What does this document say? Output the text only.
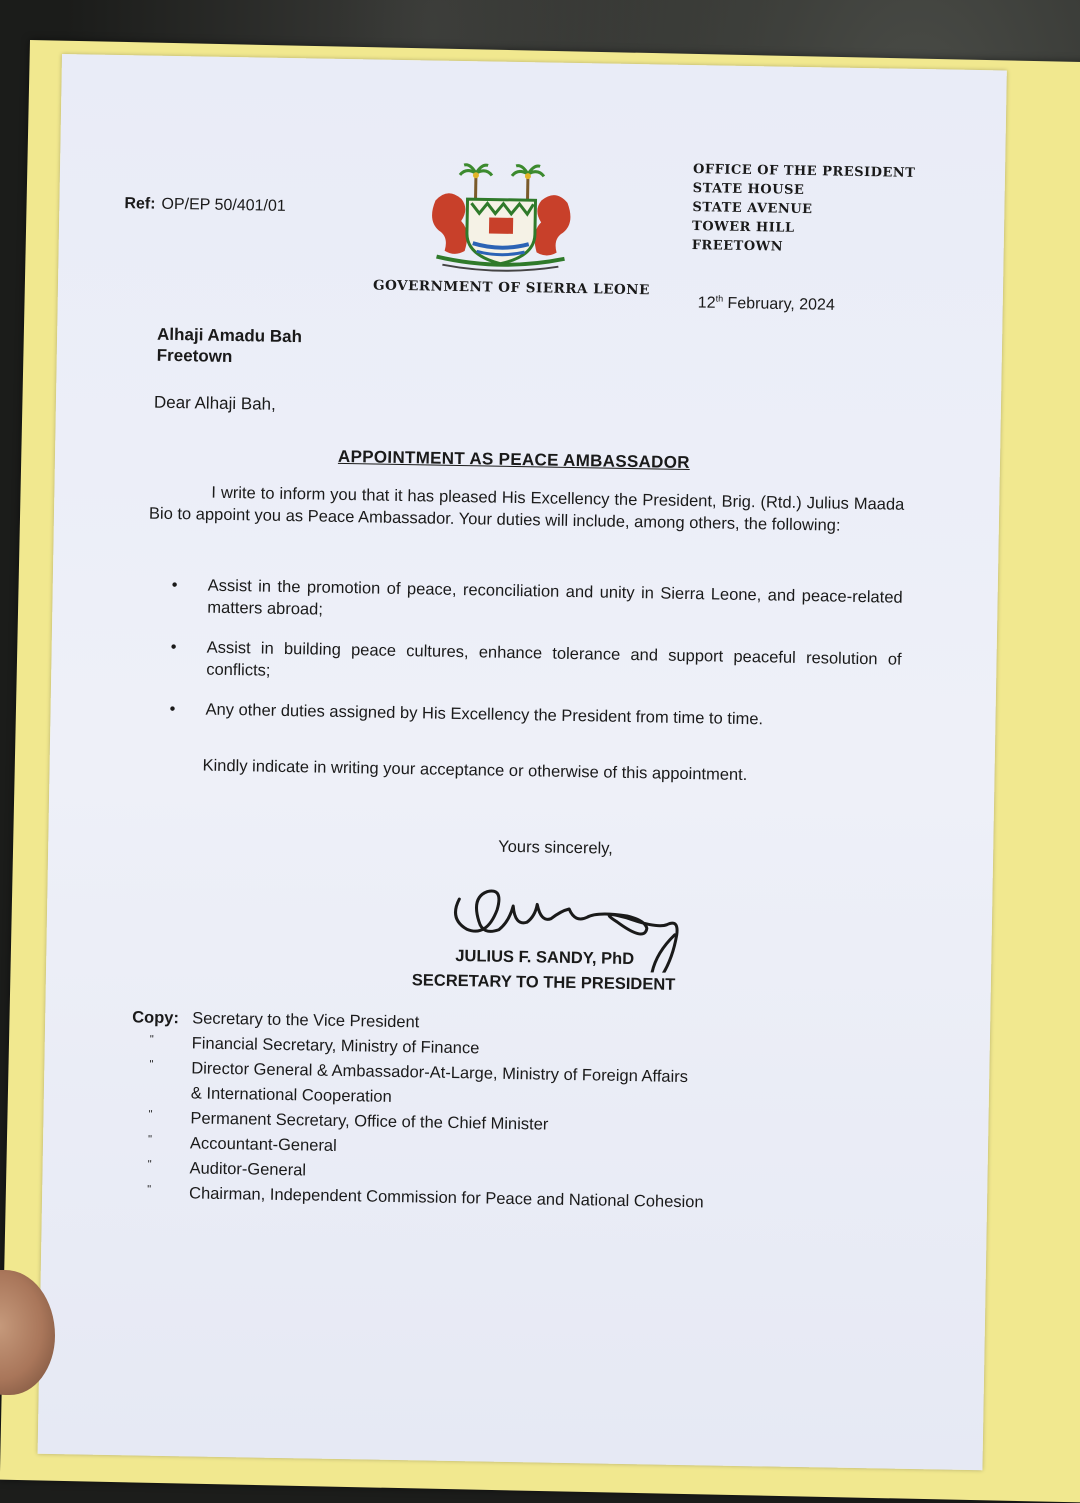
Ref: OP/EP 50/401/01
OFFICE OF THE PRESIDENT
STATE HOUSE
STATE AVENUE
TOWER HILL
FREETOWN
GOVERNMENT OF SIERRA LEONE
12th February, 2024
Alhaji Amadu Bah
Freetown
Dear Alhaji Bah,
APPOINTMENT AS PEACE AMBASSADOR
I write to inform you that it has pleased His Excellency the President, Brig. (Rtd.) Julius Maada Bio to appoint you as Peace Ambassador. Your duties will include, among others, the following:
• Assist in the promotion of peace, reconciliation and unity in Sierra Leone, and peace-related matters abroad;
• Assist in building peace cultures, enhance tolerance and support peaceful resolution of conflicts;
• Any other duties assigned by His Excellency the President from time to time.
Kindly indicate in writing your acceptance or otherwise of this appointment.
Yours sincerely,
JULIUS F. SANDY, PhD
SECRETARY TO THE PRESIDENT
Copy: Secretary to the Vice President
" Financial Secretary, Ministry of Finance
" Director General & Ambassador-At-Large, Ministry of Foreign Affairs
& International Cooperation
" Permanent Secretary, Office of the Chief Minister
" Accountant-General
" Auditor-General
" Chairman, Independent Commission for Peace and National Cohesion
